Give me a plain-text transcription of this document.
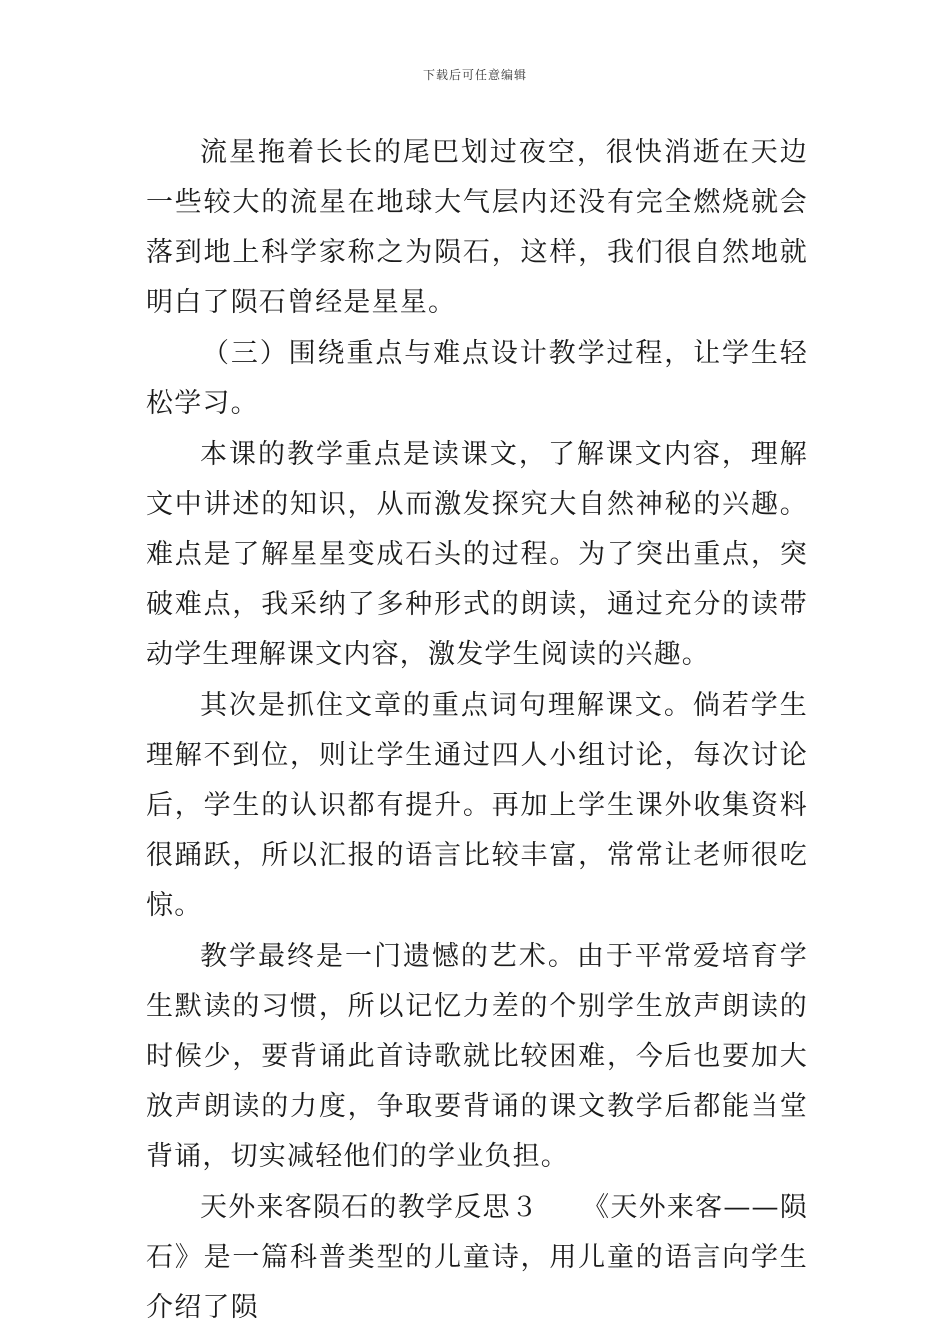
下载后可任意编辑

流星拖着长长的尾巴划过夜空，很快消逝在天边一些较大的流星在地球大气层内还没有完全燃烧就会落到地上科学家称之为陨石，这样，我们很自然地就明白了陨石曾经是星星。

（三）围绕重点与难点设计教学过程，让学生轻松学习。

本课的教学重点是读课文，了解课文内容，理解文中讲述的知识，从而激发探究大自然神秘的兴趣。难点是了解星星变成石头的过程。为了突出重点，突破难点，我采纳了多种形式的朗读，通过充分的读带动学生理解课文内容，激发学生阅读的兴趣。

其次是抓住文章的重点词句理解课文。倘若学生理解不到位，则让学生通过四人小组讨论，每次讨论后，学生的认识都有提升。再加上学生课外收集资料很踊跃，所以汇报的语言比较丰富，常常让老师很吃惊。

教学最终是一门遗憾的艺术。由于平常爱培育学生默读的习惯，所以记忆力差的个别学生放声朗读的时候少，要背诵此首诗歌就比较困难，今后也要加大放声朗读的力度，争取要背诵的课文教学后都能当堂背诵，切实减轻他们的学业负担。

天外来客陨石的教学反思３　　《天外来客——陨石》是一篇科普类型的儿童诗，用儿童的语言向学生介绍了陨
